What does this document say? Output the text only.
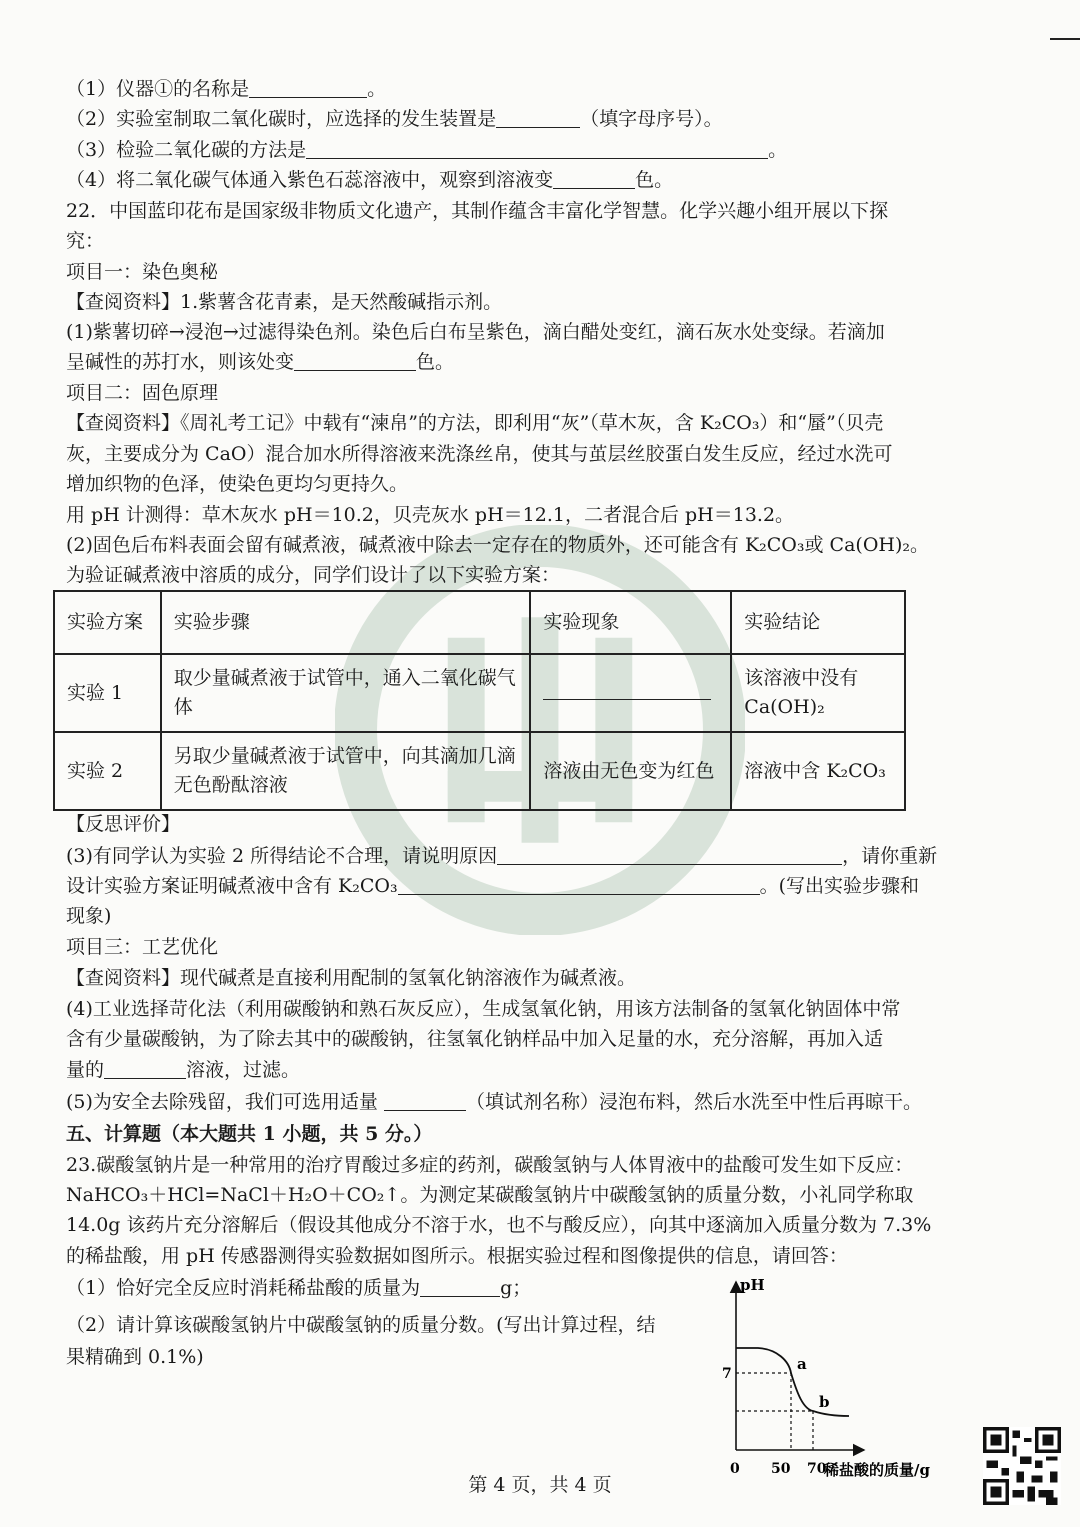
（1）仪器①的名称是	。
（2）实验室制取二氧化碳时，应选择的发生装置是	（填字母序号）。
（3）检验二氧化碳的方法是	。
（4）将二氧化碳气体通入紫色石蕊溶液中，观察到溶液变	色。
22．中国蓝印花布是国家级非物质文化遗产，其制作蕴含丰富化学智慧。化学兴趣小组开展以下探
究：
项目一：染色奥秘
【查阅资料】1.紫薯含花青素，是天然酸碱指示剂。
(1)紫薯切碎→浸泡→过滤得染色剂。染色后白布呈紫色，滴白醋处变红，滴石灰水处变绿。若滴加
呈碱性的苏打水，则该处变	色。
项目二：固色原理
【查阅资料】《周礼考工记》中载有“湅帛”的方法，即利用“灰”（草木灰，含 K₂CO₃）和“蜃”（贝壳
灰，主要成分为 CaO）混合加水所得溶液来洗涤丝帛，使其与茧层丝胶蛋白发生反应，经过水洗可
增加织物的色泽，使染色更均匀更持久。
用 pH 计测得：草木灰水 pH＝10.2，贝壳灰水 pH＝12.1，二者混合后 pH＝13.2。
(2)固色后布料表面会留有碱煮液，碱煮液中除去一定存在的物质外，还可能含有 K₂CO₃或 Ca(OH)₂。
为验证碱煮液中溶质的成分，同学们设计了以下实验方案：
实验方案	实验步骤	实验现象	实验结论
实验 1	取少量碱煮液于试管中，通入二氧化碳气体		该溶液中没有Ca(OH)₂
实验 2	另取少量碱煮液于试管中，向其滴加几滴无色酚酞溶液	溶液由无色变为红色	溶液中含 K₂CO₃
【反思评价】
(3)有同学认为实验 2 所得结论不合理，请说明原因	，请你重新
设计实验方案证明碱煮液中含有 K₂CO₃	。(写出实验步骤和
现象)
项目三：工艺优化
【查阅资料】现代碱煮是直接利用配制的氢氧化钠溶液作为碱煮液。
(4)工业选择苛化法（利用碳酸钠和熟石灰反应），生成氢氧化钠，用该方法制备的氢氧化钠固体中常
含有少量碳酸钠，为了除去其中的碳酸钠，往氢氧化钠样品中加入足量的水，充分溶解，再加入适
量的	溶液，过滤。
(5)为安全去除残留，我们可选用适量	（填试剂名称）浸泡布料，然后水洗至中性后再晾干。
五、计算题（本大题共 1 小题，共 5 分。）
23.碳酸氢钠片是一种常用的治疗胃酸过多症的药剂，碳酸氢钠与人体胃液中的盐酸可发生如下反应：
NaHCO₃＋HCl=NaCl＋H₂O＋CO₂↑。为测定某碳酸氢钠片中碳酸氢钠的质量分数，小礼同学称取
14.0g 该药片充分溶解后（假设其他成分不溶于水，也不与酸反应），向其中逐滴加入质量分数为 7.3%
的稀盐酸，用 pH 传感器测得实验数据如图所示。根据实验过程和图像提供的信息，请回答：
（1）恰好完全反应时消耗稀盐酸的质量为	g；
（2）请计算该碳酸氢钠片中碳酸氢钠的质量分数。(写出计算过程，结
果精确到 0.1%)
pH
稀盐酸的质量/g
0
7
50 70
a
b
第 4 页，共 4 页
